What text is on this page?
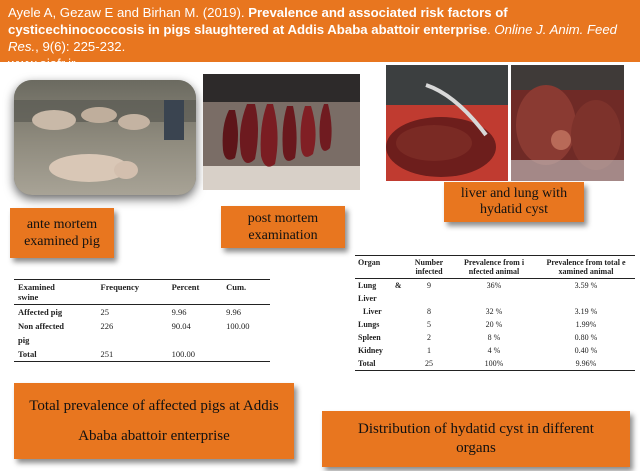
Ayele A, Gezaw E and Birhan M. (2019). Prevalence and associated risk factors of cysticechinococcosis in pigs slaughtered at Addis Ababa abattoir enterprise. Online J. Anim. Feed Res., 9(6): 225-232.
www.ojafr.ir
ante mortem examined pig
post mortem examination
liver and lung with hydatid cyst
Examined
swine	Frequency	Percent	Cum.
Affected pig	25	9.96	9.96
Non affected	226	90.04	100.00
pig			
Total	251	100.00	
Organ		Number infected	Prevalence from i nfected animal	Prevalence from total e xamined animal
Lung	&	9	36%	3.59 %
Liver				
Liver		8	32 %	3.19 %
Lungs		5	20 %	1.99%
Spleen		2	8 %	0.80 %
Kidney		1	4 %	0.40 %
Total		25	100%	9.96%
Total prevalence of affected pigs at Addis Ababa abattoir enterprise	Distribution of hydatid cyst in different organs
